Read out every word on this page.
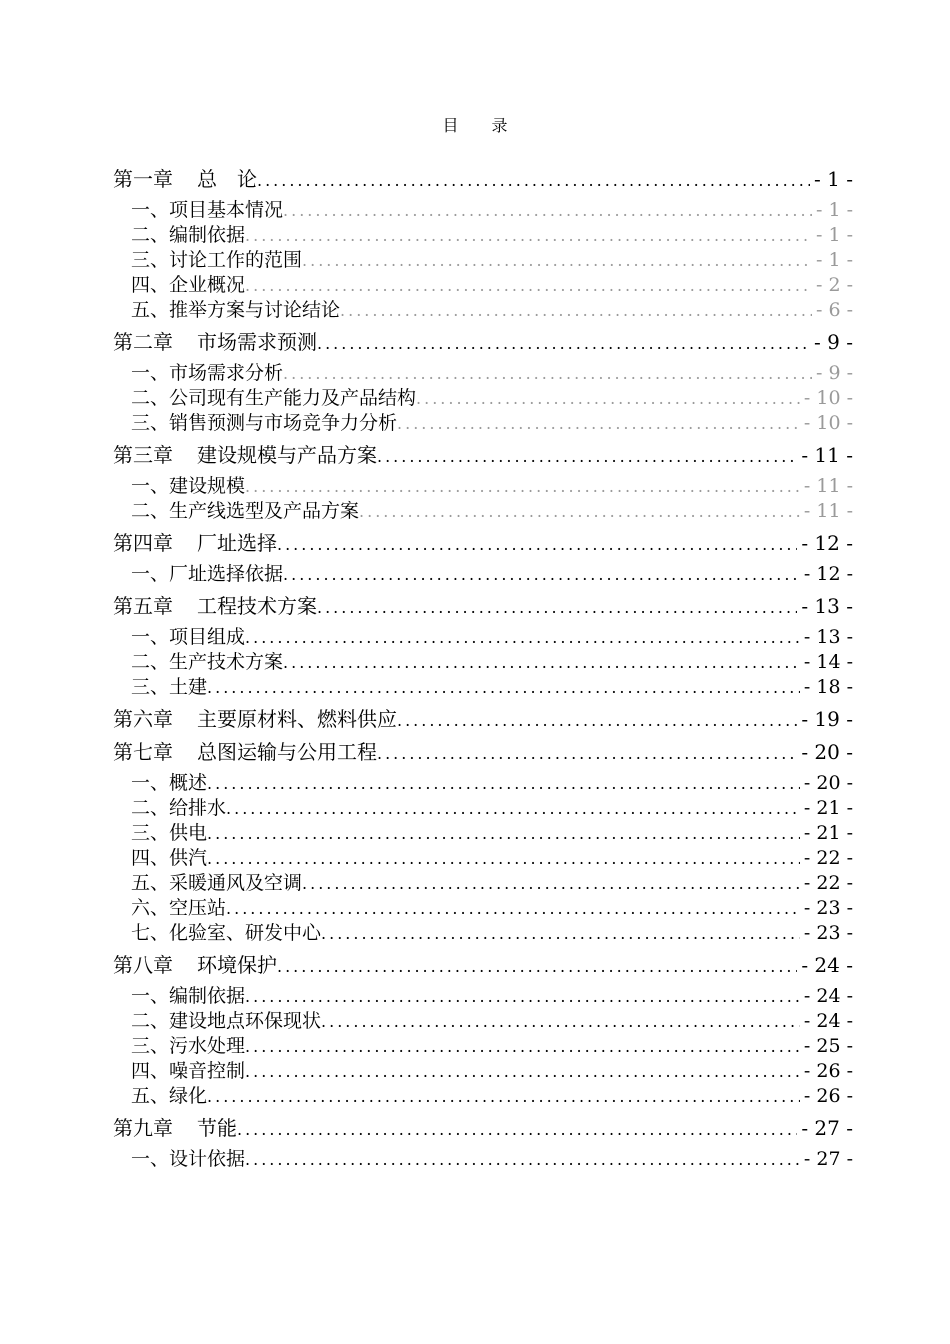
目 录
第一章 总　论 .....	- 1 -
一、项目基本情况 .....	- 1 -
二、编制依据 .....	- 1 -
三、讨论工作的范围 .....	- 1 -
四、企业概况 .....	- 2 -
五、推举方案与讨论结论 .....	- 6 -
第二章 市场需求预测 .....	- 9 -
一、市场需求分析 .....	- 9 -
二、公司现有生产能力及产品结构 .....	- 10 -
三、销售预测与市场竞争力分析 .....	- 10 -
第三章 建设规模与产品方案 .....	- 11 -
一、建设规模 .....	- 11 -
二、生产线选型及产品方案 .....	- 11 -
第四章 厂址选择 .....	- 12 -
一、厂址选择依据 .....	- 12 -
第五章 工程技术方案 .....	- 13 -
一、项目组成 .....	- 13 -
二、生产技术方案 .....	- 14 -
三、土建 .....	- 18 -
第六章 主要原材料、燃料供应 .....	- 19 -
第七章 总图运输与公用工程 .....	- 20 -
一、概述 .....	- 20 -
二、给排水 .....	- 21 -
三、供电 .....	- 21 -
四、供汽 .....	- 22 -
五、采暖通风及空调 .....	- 22 -
六、空压站 .....	- 23 -
七、化验室、研发中心 .....	- 23 -
第八章 环境保护 .....	- 24 -
一、编制依据 .....	- 24 -
二、建设地点环保现状 .....	- 24 -
三、污水处理 .....	- 25 -
四、噪音控制 .....	- 26 -
五、绿化 .....	- 26 -
第九章 节能 .....	- 27 -
一、设计依据 .....	- 27 -
